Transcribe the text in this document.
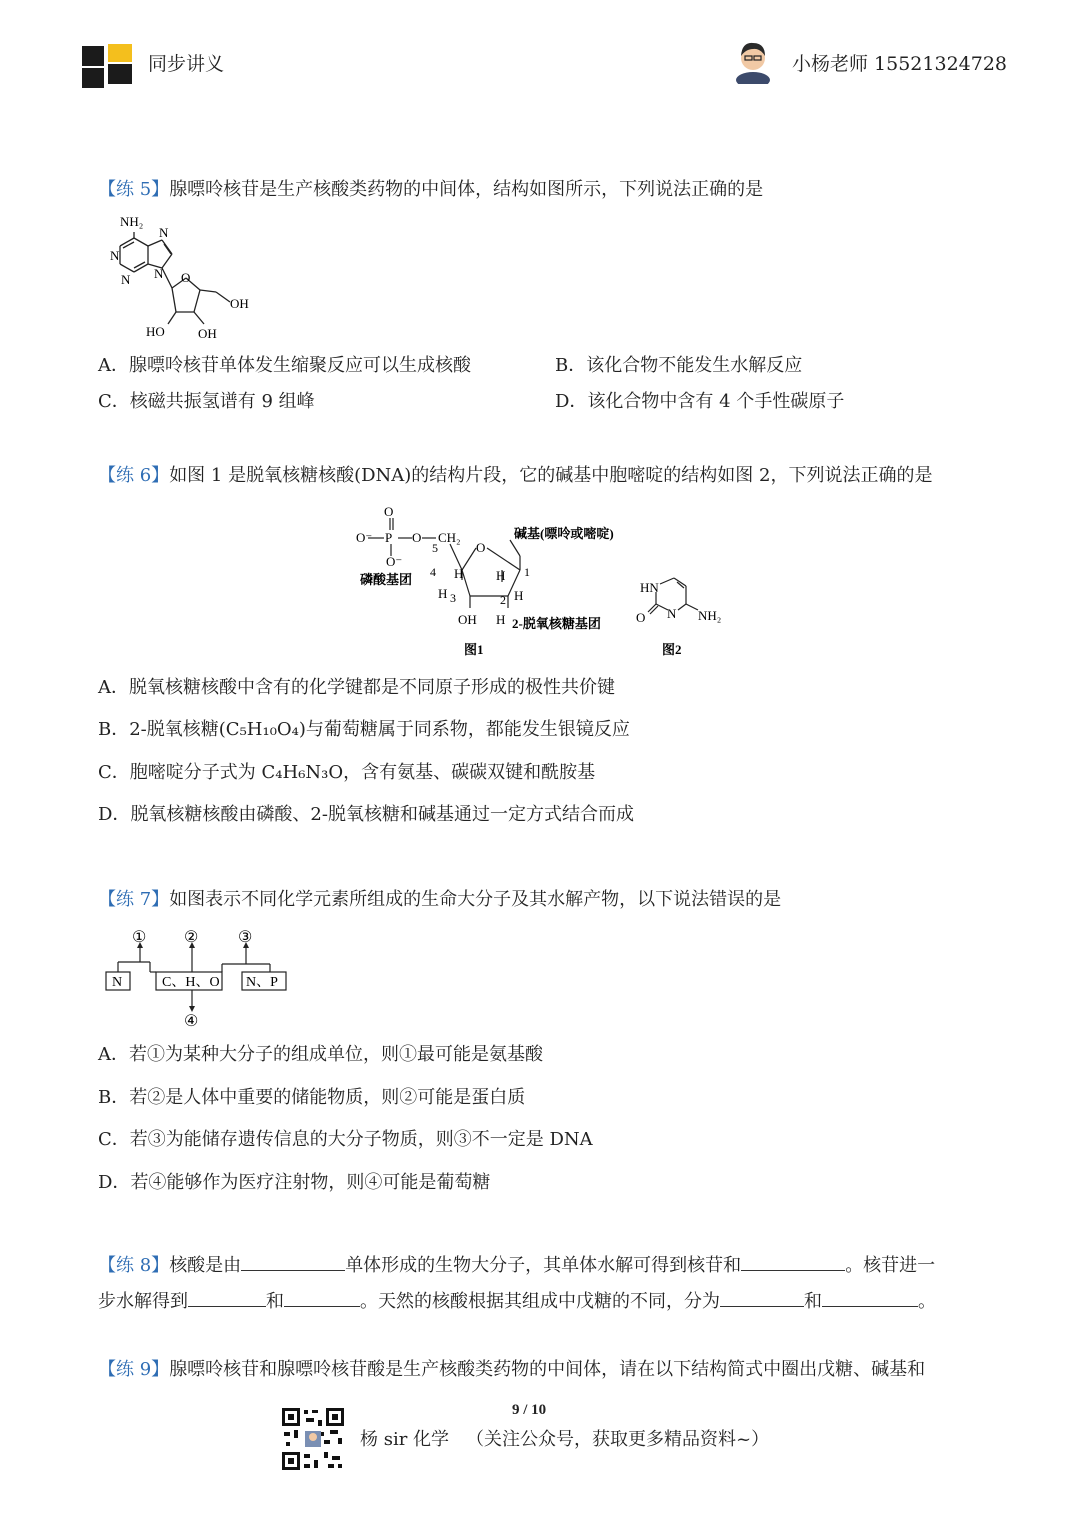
同步讲义	小杨老师 15521324728
【练 5】腺嘌呤核苷是生产核酸类药物的中间体，结构如图所示，下列说法正确的是
NH₂
N
N
N
N O
OH
HO	OH
A．腺嘌呤核苷单体发生缩聚反应可以生成核酸	B．该化合物不能发生水解反应
C．核磁共振氢谱有 9 组峰	D．该化合物中含有 4 个手性碳原子
【练 6】如图 1 是脱氧核糖核酸(DNA)的结构片段，它的碱基中胞嘧啶的结构如图 2，下列说法正确的是
O
O⁻ P O CH₂
O⁻
5	O
碱基(嘌呤或嘧啶)
磷酸基团 4 H	H 1
H 3	2 H
OH H 2-脱氧核糖基团
图1
HN
O N NH₂
图2
A．脱氧核糖核酸中含有的化学键都是不同原子形成的极性共价键
B．2-脱氧核糖(C₅H₁₀O₄)与葡萄糖属于同系物，都能发生银镜反应
C．胞嘧啶分子式为 C₄H₆N₃O，含有氨基、碳碳双键和酰胺基
D．脱氧核糖核酸由磷酸、2-脱氧核糖和碱基通过一定方式结合而成
【练 7】如图表示不同化学元素所组成的生命大分子及其水解产物，以下说法错误的是
① ② ③
④
N	C、H、O N、P
A．若①为某种大分子的组成单位，则①最可能是氨基酸
B．若②是人体中重要的储能物质，则②可能是蛋白质
C．若③为能储存遗传信息的大分子物质，则③不一定是 DNA
D．若④能够作为医疗注射物，则④可能是葡萄糖
【练 8】核酸是由	单体形成的生物大分子，其单体水解可得到核苷和	。核苷进一
步水解得到	和	。天然的核酸根据其组成中戊糖的不同，分为	和	。
【练 9】腺嘌呤核苷和腺嘌呤核苷酸是生产核酸类药物的中间体，请在以下结构简式中圈出戊糖、碱基和
9 / 10
杨 sir 化学 （关注公众号，获取更多精品资料~）
